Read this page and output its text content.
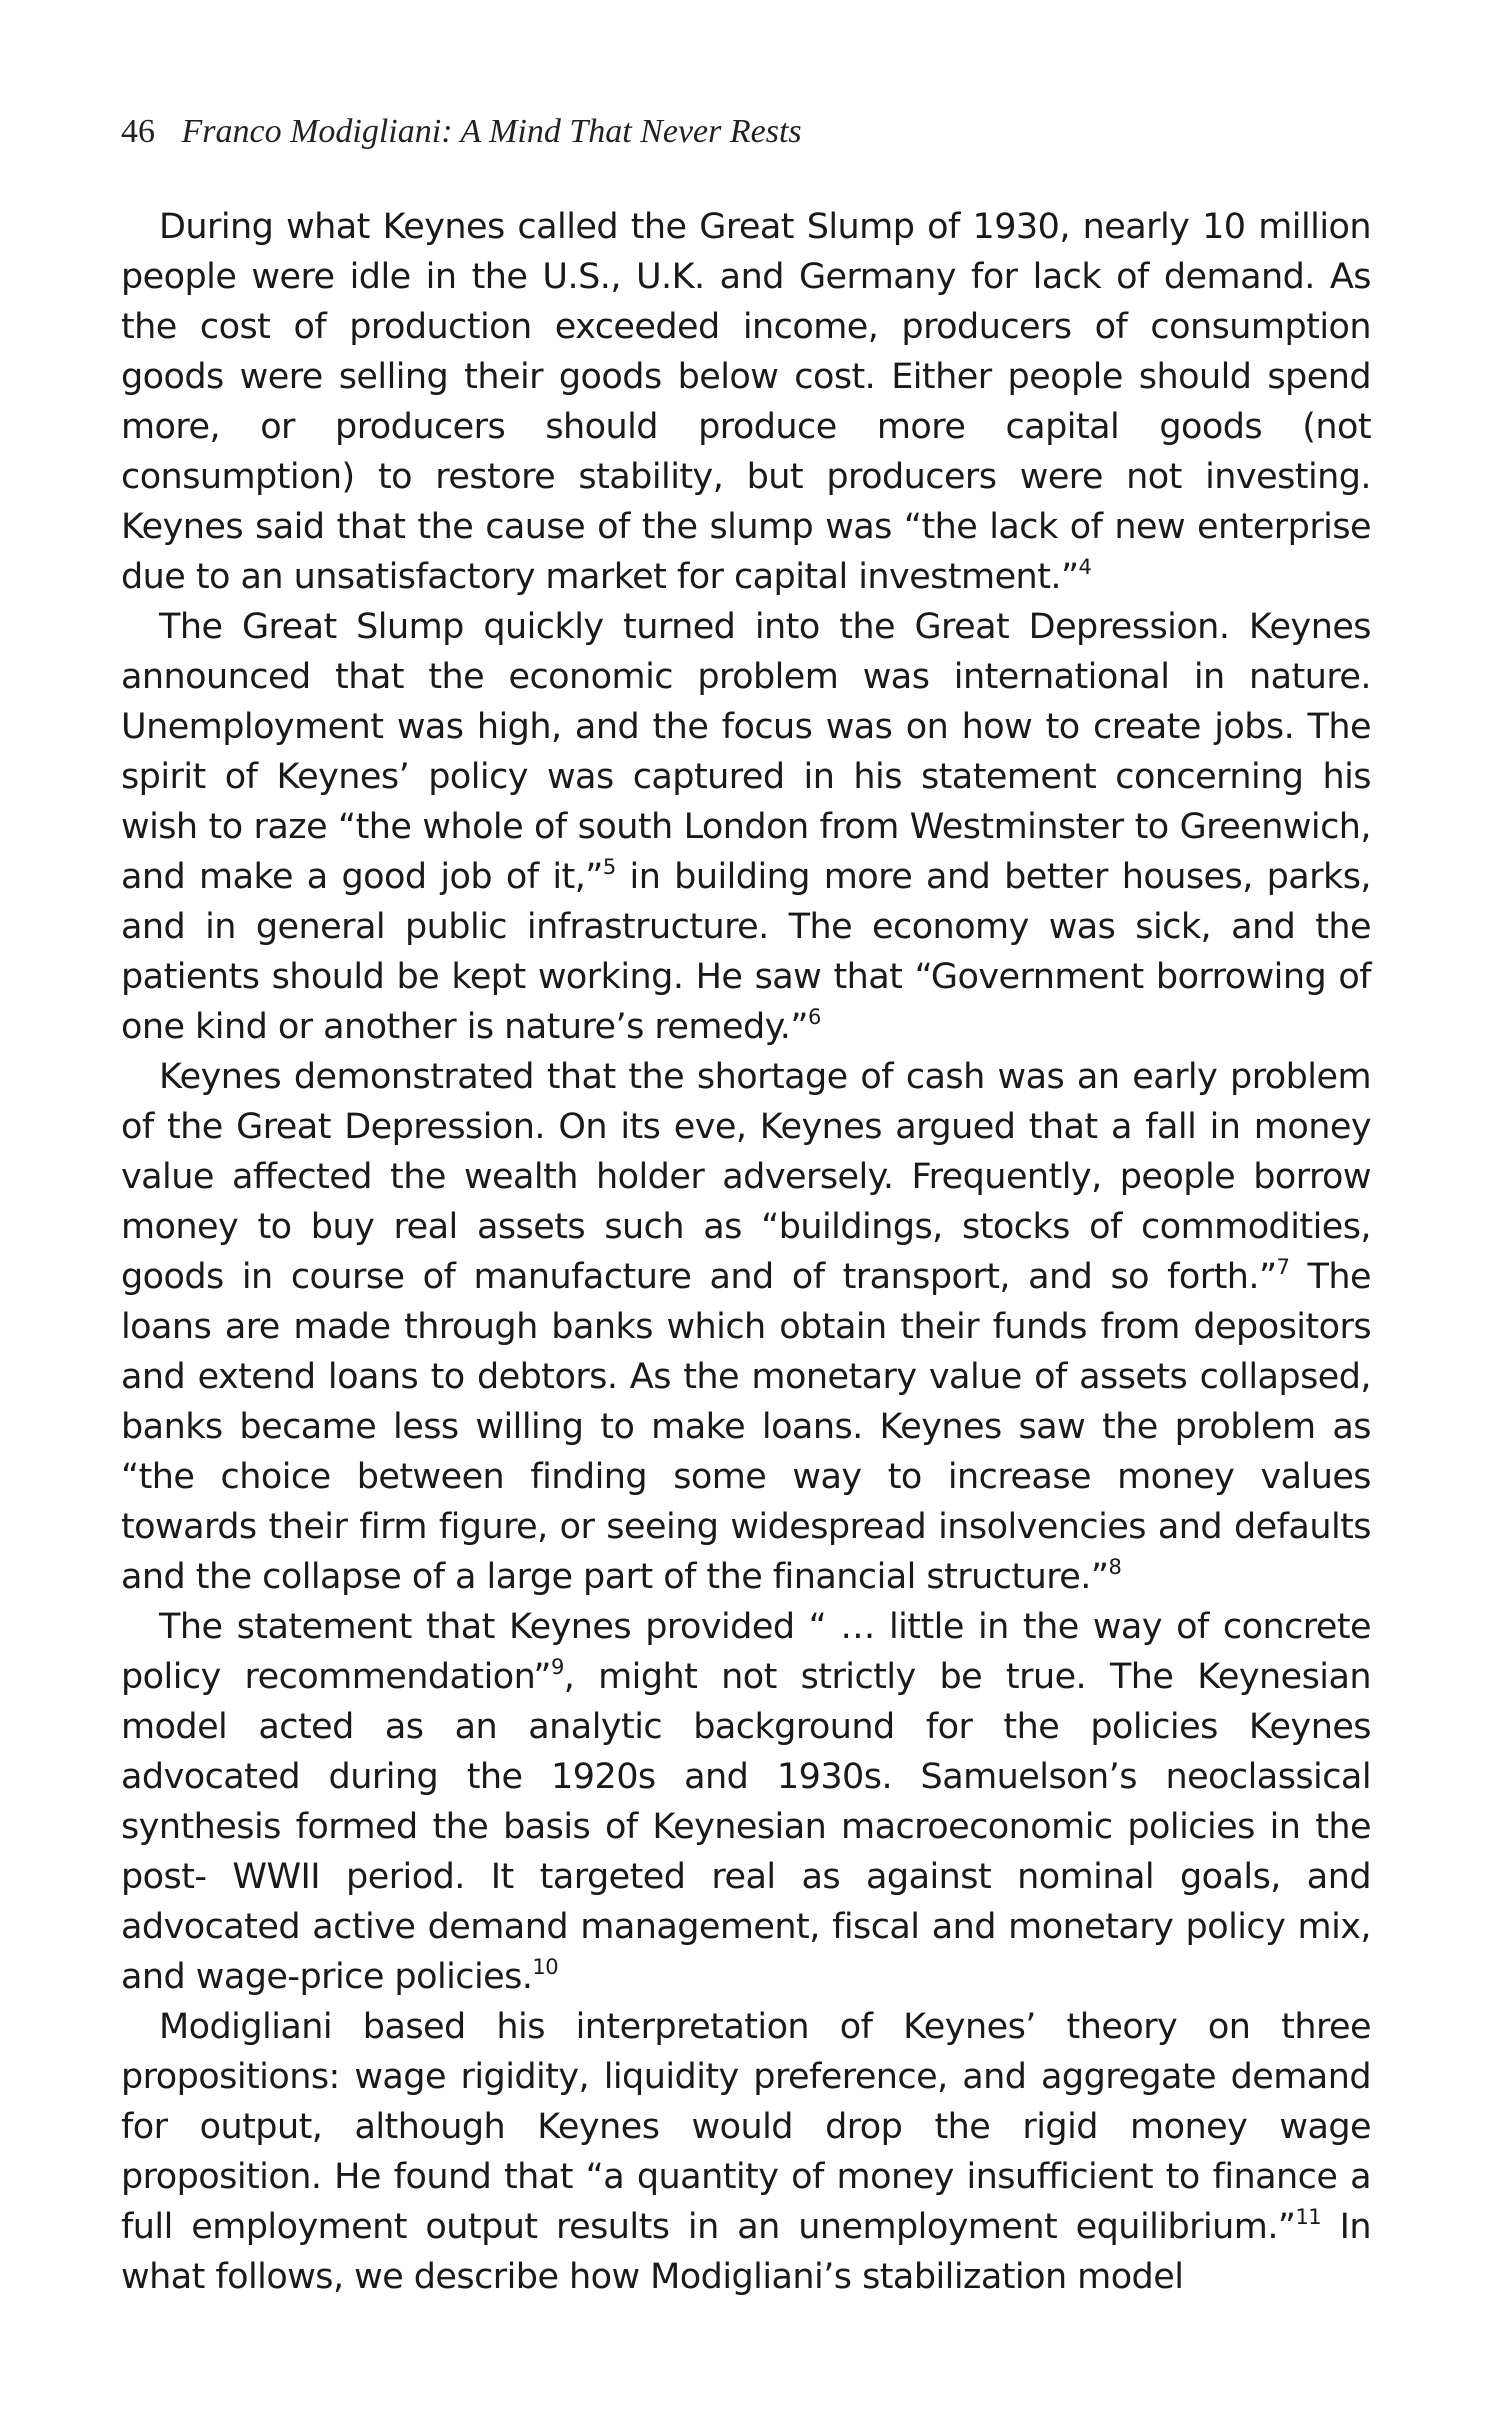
46 Franco Modigliani: A Mind That Never Rests

During what Keynes called the Great Slump of 1930, nearly 10 million people were idle in the U.S., U.K. and Germany for lack of demand. As the cost of production exceeded income, producers of consumption goods were selling their goods below cost. Either people should spend more, or producers should produce more capital goods (not consumption) to restore stability, but producers were not investing. Keynes said that the cause of the slump was “the lack of new enterprise due to an unsatisfactory market for capital investment.”$^4$

The Great Slump quickly turned into the Great Depression. Keynes announced that the economic problem was international in nature. Unemployment was high, and the focus was on how to create jobs. The spirit of Keynes’ policy was captured in his statement concerning his wish to raze “the whole of south London from Westminster to Greenwich, and make a good job of it,”$^5$ in building more and better houses, parks, and in general public infrastructure. The economy was sick, and the patients should be kept working. He saw that “Government borrowing of one kind or another is nature’s remedy.”$^6$

Keynes demonstrated that the shortage of cash was an early problem of the Great Depression. On its eve, Keynes argued that a fall in money value affected the wealth holder adversely. Frequently, people borrow money to buy real assets such as “buildings, stocks of commodities, goods in course of manufacture and of transport, and so forth.”$^7$ The loans are made through banks which obtain their funds from depositors and extend loans to debtors. As the monetary value of assets collapsed, banks became less willing to make loans. Keynes saw the problem as “the choice between finding some way to increase money values towards their firm figure, or seeing widespread insolvencies and defaults and the collapse of a large part of the financial structure.”$^8$

The statement that Keynes provided “ … little in the way of concrete policy recommendation”$^9$, might not strictly be true. The Keynesian model acted as an analytic background for the policies Keynes advocated during the 1920s and 1930s. Samuelson’s neoclassical synthesis formed the basis of Keynesian macroeconomic policies in the post- WWII period. It targeted real as against nominal goals, and advocated active demand management, fiscal and monetary policy mix, and wage-price policies.$^{10}$

Modigliani based his interpretation of Keynes’ theory on three propositions: wage rigidity, liquidity preference, and aggregate demand for output, although Keynes would drop the rigid money wage proposition. He found that “a quantity of money insufficient to finance a full employment output results in an unemployment equilibrium.”$^{11}$ In what follows, we describe how Modigliani’s stabilization model
